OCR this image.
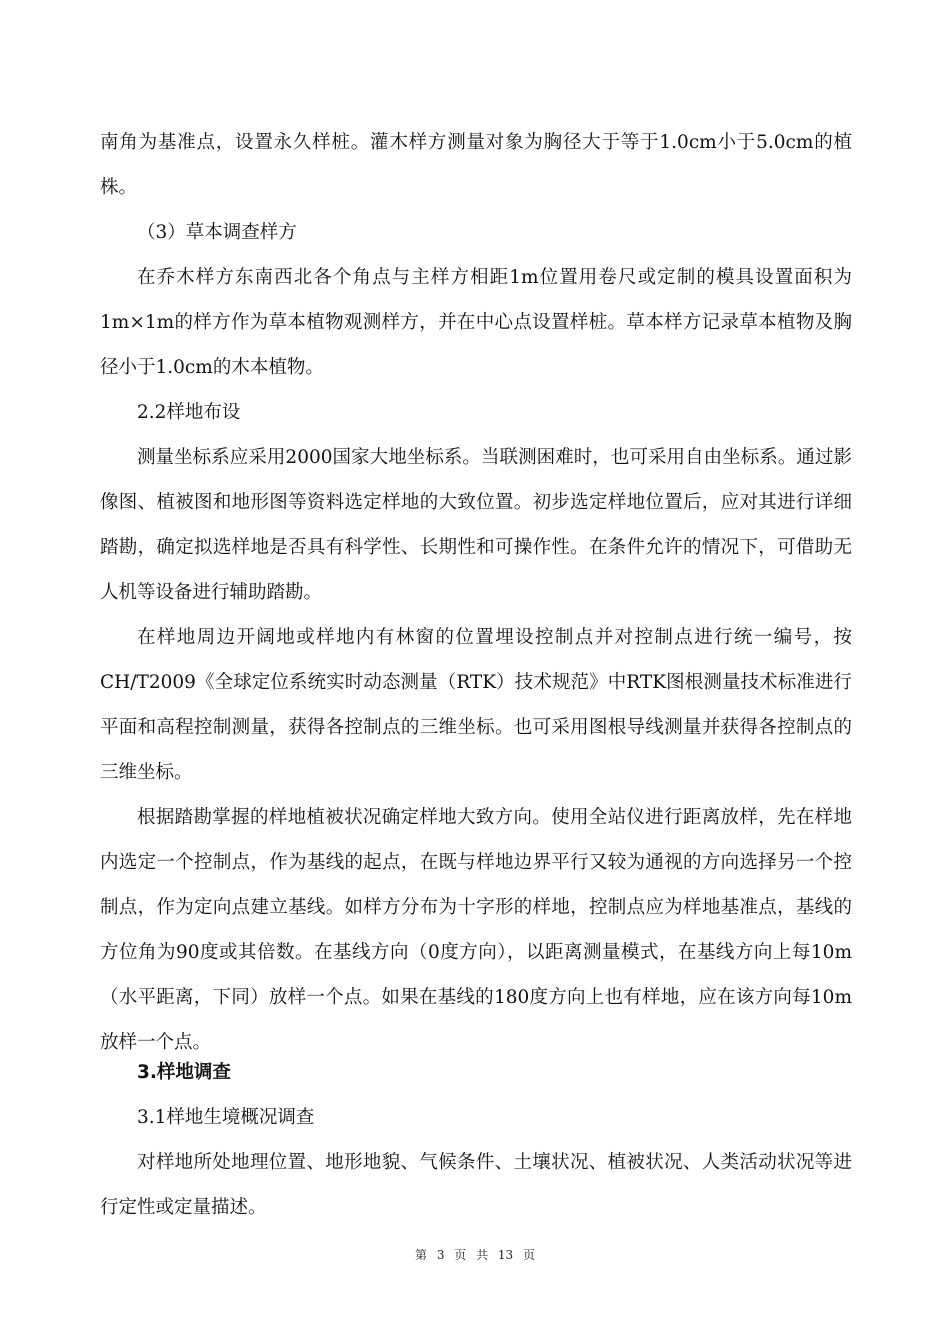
南角为基准点，设置永久样桩。灌木样方测量对象为胸径大于等于1.0cm小于5.0cm的植株。

（3）草本调查样方

在乔木样方东南西北各个角点与主样方相距1m位置用卷尺或定制的模具设置面积为1m×1m的样方作为草本植物观测样方，并在中心点设置样桩。草本样方记录草本植物及胸径小于1.0cm的木本植物。

2.2样地布设

测量坐标系应采用2000国家大地坐标系。当联测困难时，也可采用自由坐标系。通过影像图、植被图和地形图等资料选定样地的大致位置。初步选定样地位置后，应对其进行详细踏勘，确定拟选样地是否具有科学性、长期性和可操作性。在条件允许的情况下，可借助无人机等设备进行辅助踏勘。

在样地周边开阔地或样地内有林窗的位置埋设控制点并对控制点进行统一编号，按CH/T2009《全球定位系统实时动态测量（RTK）技术规范》中RTK图根测量技术标准进行平面和高程控制测量，获得各控制点的三维坐标。也可采用图根导线测量并获得各控制点的三维坐标。

根据踏勘掌握的样地植被状况确定样地大致方向。使用全站仪进行距离放样，先在样地内选定一个控制点，作为基线的起点，在既与样地边界平行又较为通视的方向选择另一个控制点，作为定向点建立基线。如样方分布为十字形的样地，控制点应为样地基准点，基线的方位角为90度或其倍数。在基线方向（0度方向），以距离测量模式，在基线方向上每10m（水平距离，下同）放样一个点。如果在基线的180度方向上也有样地，应在该方向每10m放样一个点。

3.样地调查

3.1样地生境概况调查

对样地所处地理位置、地形地貌、气候条件、土壤状况、植被状况、人类活动状况等进行定性或定量描述。

第 3 页 共 13 页
